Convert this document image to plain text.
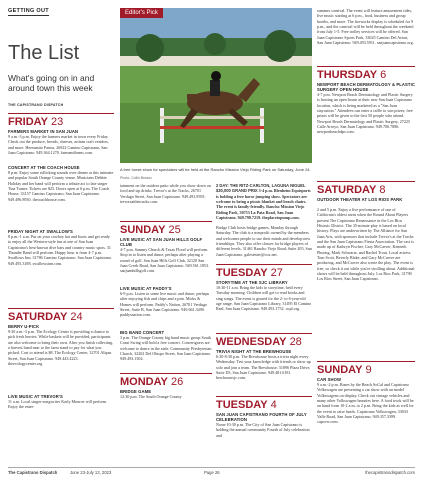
GETTING OUT
The List
What's going on in and around town this week
THE CAPISTRANO DISPATCH
FRIDAY 23
FARMERS MARKET IN SAN JUAN
9 a.m.-3 p.m. Enjoy the farmers market in town every Friday. Check out the produce, breads, cheeses, artisan craft vendors, and more. Hermanito Farms, 26922 Camino Capistrano, San Juan Capistrano. 949.364.1270. farmandfarms.com.
CONCERT AT THE COACH HOUSE
8 p.m. Enjoy some rollicking sounds over dinner at this intimate and popular South Orange County venue. Musicians Debbie Holiday and her band will perform a tribute act to late singer Tina Turner. Tickets are $25. Doors open at 6 p.m. The Coach House, 33157 Camino Capistrano, San Juan Capistrano. 949.496.8930. thecoachhouse.com.
FRIDAY NIGHT AT SWALLOW'S
8 p.m.-1 a.m. Put on your cowboy hat and boots and get ready to enjoy all the Western-style fun at one of San Juan Capistrano's best-known dive bars and country music spots. 31 Thunder Band will perform. Happy hour is from 4-7 p.m. Swallows Inn, 31786 Camino Capistrano. San Juan Capistrano. 949.493.3188. swallowsinn.com.
SATURDAY 24
BERRY U-PICK
9:30 a.m.-3 p.m. The Ecology Center is providing a chance to pick fresh berries. While baskets will be provided, participants are also welcome to bring their own. After you finish collecting, a harvest hand near to the farm stand to pay for what you picked. Cost to attend is $8. The Ecology Center, 32701 Alipaz Street, San Juan Capistrano. 949.443.4223. theecologycenter.org.
LIVE MUSIC AT TREVOR'S
11 a.m. Local singer-songwriter Karly Monroe will perform. Enjoy the enter-
Editor's Pick
A free horse show for spectators will be held at the Rancho Mission Viejo Riding Park on Saturday, June 24.
Photo: Collin Breaux
tainment on the outdoor patio while you chow down on food and sip drinks. Trevor's at the Tracks, 26701 Verdugo Street, San Juan Capistrano. 949.493.9593. trevorsatthetracks.com.
SUNDAY 25
LIVE MUSIC AT SAN JUAN HILLS GOLF CLUB
4-7 p.m. Sammy Church & Texas Flood will perform. Stop in to listen and dance, perhaps after playing a round of golf. San Juan Hills Golf Club, 32120 San Juan Creek Road, San Juan Capistrano. 949.561.1853. sanjuanhillsgolf.com.
LIVE MUSIC AT PADDY'S
6-9 p.m. Listen to some live music and dance, perhaps after enjoying fish and chips and a pint. Micks & Homes will perform. Paddy's Nation, 26701 Verdugo Street, Suite B, San Juan Capistrano. 949.661.3490. paddysnation.com.
BIG BAND CONCERT
3 p.m. The Orange County big band music group South Coast Swing will hold a free concert. Concertgoers are welcome to dance in the aisle. Community Presbyterian Church, 32202 Del Obispo Street, San Juan Capistrano. 949.493.1502.
MONDAY 26
BRIDGE GAME
12:30 p.m. The South Orange County
2 DAY: THE RITZ-CARLTON, LAGUNA NIGUEL $30,000 GRAND PRIX 3-4 p.m. Blenheim Equisports is holding a free horse jumping show. Spectators are welcome to bring a picnic blanket and beach chairs. The event is family-friendly. Rancho Mission Viejo Riding Park, 30753 La Pata Road, San Juan Capistrano. 949.799.7219. theplacetopump.com.
Bridge Club hosts bridge games, Monday through Saturday. The club is a nonprofit owned by the members and welcomes people to use their minds and develop new friendships. They also offer classes for bridge players of different levels. 31461 Rancho Viejo Road, Suite 205, San Juan Capistrano. galesenter@cox.net.
TUESDAY 27
STORYTIME AT THE SJC LIBRARY
10:30-11 a.m. Bring the kids to storytime, held every Tuesday morning. Children will get to read books and sing songs. The event is geared for the 2- to 6-year-old age range. San Juan Capistrano Library, 31495 El Camino Real, San Juan Capistrano. 949.493.1752. ocpl.org.
WEDNESDAY 28
TRIVIA NIGHT AT THE BREWHOUSE
6:30-8:30 p.m. The Brewhouse hosts a trivia night every Wednesday. Test your knowledge with friends or show up solo and join a team. The Brewhouse, 31896 Plaza Drive, Suite D3, San Juan Capistrano. 949.481.6181. bewhousesjc.com.
TUESDAY 4
SAN JUAN CAPISTRANO FOURTH OF JULY CELEBRATION
Noon-10:30 p.m. The City of San Juan Capistrano is holding the annual community Fourth of July celebration and
summer carnival. The event will feature amusement rides, live music starting at 6 p.m., food, business and group booths, and more. The fireworks display is scheduled for 9 p.m., and the carnival will be held throughout the weekend from July 1-5. Free trolley services will be offered. San Juan Capistrano Sports Park, 33025 Camino Del Avion, San Juan Capistrano. 949.493.5911. sanjuancapistrano.org.
THURSDAY 6
NEWPORT BEACH DERMATOLOGY & PLASTIC SURGERY OPEN HOUSE
4-7 p.m. Newport Beach Dermatology and Plastic Surgery is hosting an open house at their new San Juan Capistrano location, which is being marketed as a "San Juan staycation." Attendees can enter a raffle to win prizes; free prizes will be given to the first 50 people who attend. Newport Beach Dermatology and Plastic Surgery, 27225 Calle Arroyo, San Juan Capistrano. 949.706.7886. newportbeachdps.com.
SATURDAY 8
OUTDOOR THEATER AT LOS RIOS PARK
2 and 5 p.m. Enjoy a live performance of one of California's oldest areas when the Round About Players present The Capistrano Renaissance in the Los Rios Historic District. The 35-minute play is based on local history. Plays are underwritten by The Alliance for San Juan Arts, with sponsors that include Trevor's at the Tracks and the San Juan Capistrano Fiesta Association. The cast is made up of Kathryn Fischer, Gary McCarver, Kenneth Phuong, Mark Schwartz, and Rachel Trout. Local actress Tom Scott, Beverly Blake, and Gary McCarver are producing, and McCarver also wrote the play. The event is free, so check it out while you're strolling about. Additional shows will be held throughout July. Los Rios Park, 31790 Los Rios Street, San Juan Capistrano.
SUNDAY 9
CAR SHOW
9 a.m.-2 p.m. Buses by the Beach SoCal and Capistrano Volkswagen are presenting a car show with an model Volkswagens on display. Check out vintage vehicles and many other Volkswagen beauties here. A food truck will be on hand from 10-2 a.m. to 2 p.m. Bring the kids as well for the event to raise funds. Capistrano Volkswagen, 33033 Valle Road, San Juan Capistrano. 949.357.3399. capovw.com.
The Capistrano Dispatch	June 23-July 13, 2023	Page 26	thecapistranodispatch.com
